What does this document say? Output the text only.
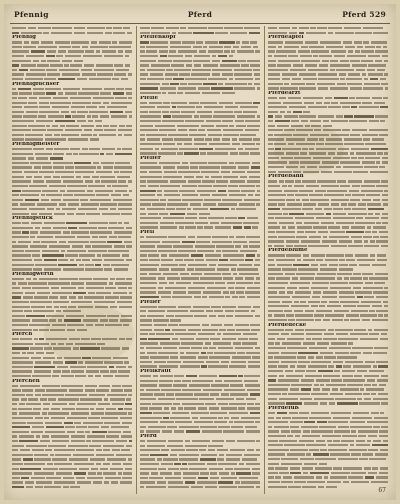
Pfennig	Pferd	Pferd 529
Pfennig
Pfennigfuchser
Pfennigmeister
Pfennigstück
Pfennigwerth
Pferch
Pferchen
Pfeifenkopf
Pfeife
Pfeifer
Pfeil
Pfeiler
Pfeilkraut
Pferd
Pferdeapfel
Pferdearzt
Pferdebahn
Pferdeblume
Pferdedecke
Pferdefuß
67
